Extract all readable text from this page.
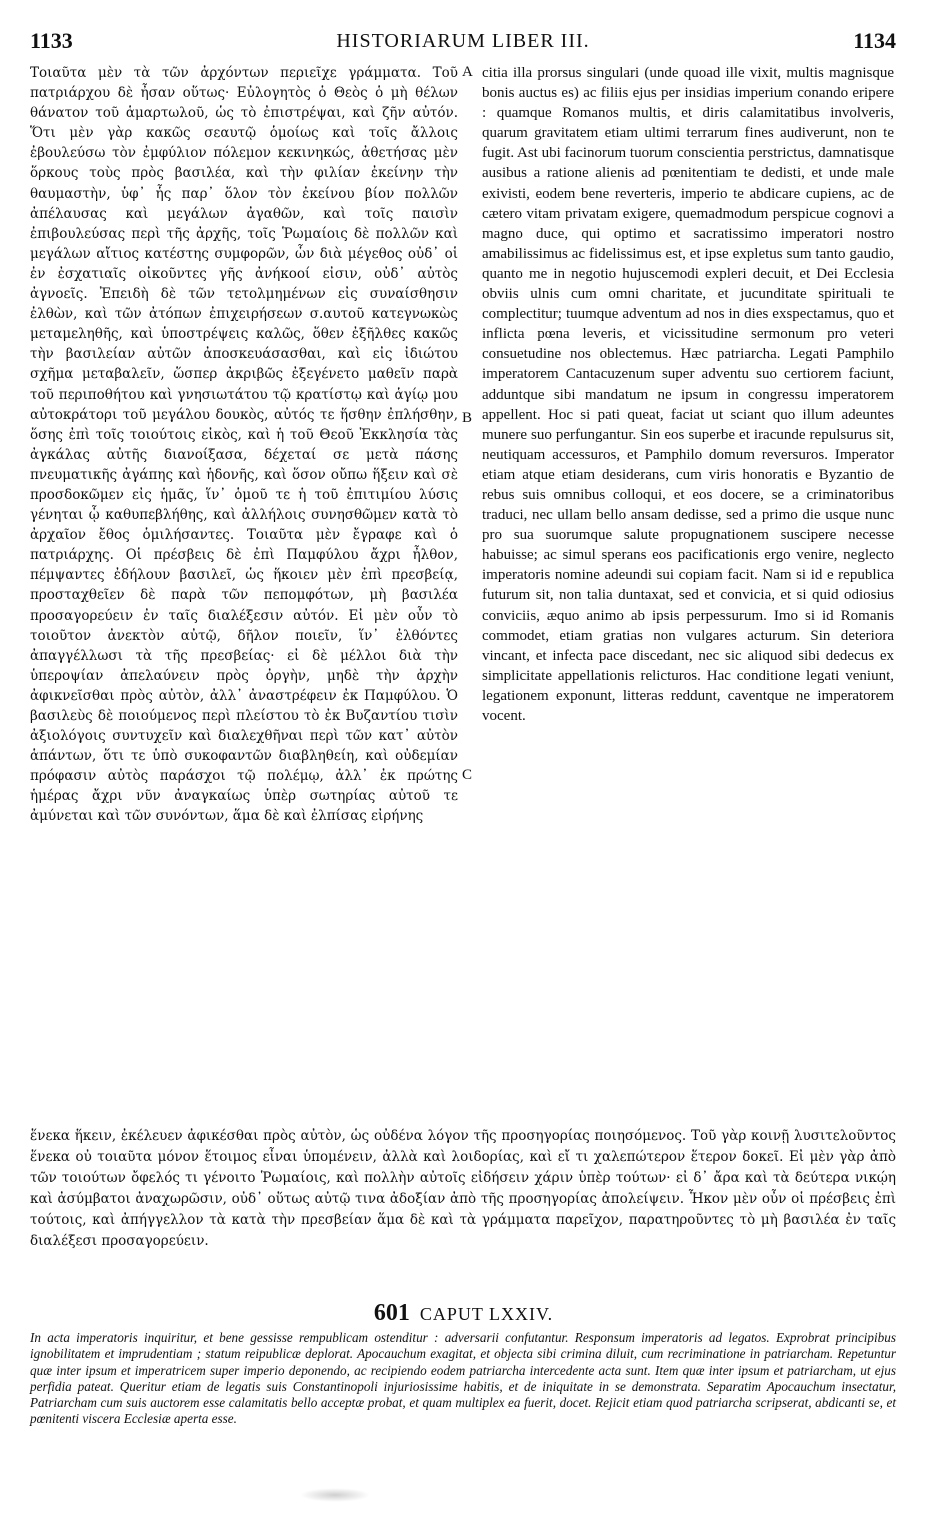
1133	HISTORIARUM LIBER III.	1134

Τοιαῦτα μὲν τὰ τῶν ἀρχόντων περιεῖχε γράμματα. Τοῦ πατριάρχου δὲ ἦσαν οὕτως· Εὐλογητὸς ὁ Θεὸς ὁ μὴ θέλων θάνατον τοῦ ἁμαρτωλοῦ, ὡς τὸ ἐπιστρέψαι, καὶ ζῆν αὐτόν. Ὅτι μὲν γὰρ κακῶς σεαυτῷ ὁμοίως καὶ τοῖς ἄλλοις ἐβουλεύσω τὸν ἐμφύλιον πόλεμον κεκινηκώς, ἀθετήσας μὲν ὅρκους τοὺς πρὸς βασιλέα, καὶ τὴν φιλίαν ἐκείνην τὴν θαυμαστὴν, ὑφ᾽ ἧς παρ᾽ ὅλον τὸν ἐκείνου βίον πολλῶν ἀπέλαυσας καὶ μεγάλων ἀγαθῶν, καὶ τοῖς παισὶν ἐπιβουλεύσας περὶ τῆς ἀρχῆς, τοῖς Ῥωμαίοις δὲ πολλῶν καὶ μεγάλων αἴτιος κατέστης συμφορῶν, ὧν διὰ μέγεθος οὐδ᾽ οἱ ἐν ἐσχατιαῖς οἰκοῦντες γῆς ἀνήκοοί εἰσιν, οὐδ᾽ αὐτὸς ἀγνοεῖς. Ἐπειδὴ δὲ τῶν τετολμημένων εἰς συναίσθησιν ἐλθὼν, καὶ τῶν ἀτόπων ἐπιχειρήσεων σ.αυτοῦ κατεγνωκὼς μεταμεληθῆς, καὶ ὑποστρέψεις καλῶς, ὅθεν ἐξῆλθες κακῶς τὴν βασιλείαν αὐτῶν ἀποσκευάσασθαι, καὶ εἰς ἰδιώτου σχῆμα μεταβαλεῖν, ὥσπερ ἀκριβῶς ἐξεγένετο μαθεῖν παρὰ τοῦ περιποθήτου καὶ γνησιωτάτου τῷ κρατίστῳ καὶ ἁγίῳ μου αὐτοκράτορι τοῦ μεγάλου δουκὸς, αὐτός τε ἥσθην ἐπλήσθην, ὅσης ἐπὶ τοῖς τοιούτοις εἰκὸς, καὶ ἡ τοῦ Θεοῦ Ἐκκλησία τὰς ἀγκάλας αὐτῆς διανοίξασα, δέχεταί σε μετὰ πάσης πνευματικῆς ἀγάπης καὶ ἡδονῆς, καὶ ὅσον οὔπω ἥξειν καὶ σὲ προσδοκῶμεν εἰς ἡμᾶς, ἵν᾽ ὁμοῦ τε ἡ τοῦ ἐπιτιμίου λύσις γένηται ᾧ καθυπεβλήθης, καὶ ἀλλήλοις συνησθῶμεν κατὰ τὸ ἀρχαῖον ἔθος ὁμιλήσαντες. Τοιαῦτα μὲν ἔγραφε καὶ ὁ πατριάρχης. Οἱ πρέσβεις δὲ ἐπὶ Παμφύλου ἄχρι ἦλθον, πέμψαντες ἐδήλουν βασιλεῖ, ὡς ἥκοιεν μὲν ἐπὶ πρεσβείᾳ, προσταχθεῖεν δὲ παρὰ τῶν πεπομφότων, μὴ βασιλέα προσαγορεύειν ἐν ταῖς διαλέξεσιν αὐτόν. Εἰ μὲν οὖν τὸ τοιοῦτον ἀνεκτὸν αὐτῷ, δῆλον ποιεῖν, ἵν᾽ ἐλθόντες ἀπαγγέλλωσι τὰ τῆς πρεσβείας· εἰ δὲ μέλλοι διὰ τὴν ὑπεροψίαν ἀπελαύνειν πρὸς ὀργὴν, μηδὲ τὴν ἀρχὴν ἀφικνεῖσθαι πρὸς αὐτὸν, ἀλλ᾽ ἀναστρέφειν ἐκ Παμφύλου. Ὁ βασιλεὺς δὲ ποιούμενος περὶ πλείστου τὸ ἐκ Βυζαντίου τισὶν ἀξιολόγοις συντυχεῖν καὶ διαλεχθῆναι περὶ τῶν κατ᾽ αὐτὸν ἁπάντων, ὅτι τε ὑπὸ συκοφαντῶν διαβληθείη, καὶ οὐδεμίαν πρόφασιν αὐτὸς παράσχοι τῷ πολέμῳ, ἀλλ᾽ ἐκ πρώτης ἡμέρας ἄχρι νῦν ἀναγκαίως ὑπὲρ σωτηρίας αὐτοῦ τε ἀμύνεται καὶ τῶν συνόντων, ἅμα δὲ καὶ ἐλπίσας εἰρήνης

A
B
C

citia illa prorsus singulari (unde quoad ille vixit, multis magnisque bonis auctus es) ac filiis ejus per insidias imperium conando eripere : quamque Romanos multis, et diris calamitatibus involveris, quarum gravitatem etiam ultimi terrarum fines audiverunt, non te fugit. Ast ubi facinorum tuorum conscientia perstrictus, damnatisque ausibus a ratione alienis ad pœnitentiam te dedisti, et unde male exivisti, eodem bene reverteris, imperio te abdicare cupiens, ac de cætero vitam privatam exigere, quemadmodum perspicue cognovi a magno duce, qui optimo et sacratissimo imperatori nostro amabilissimus ac fidelissimus est, et ipse expletus sum tanto gaudio, quanto me in negotio hujuscemodi expleri decuit, et Dei Ecclesia obviis ulnis cum omni charitate, et jucunditate spirituali te complectitur; tuumque adventum ad nos in dies exspectamus, quo et inflicta pœna leveris, et vicissitudine sermonum pro veteri consuetudine nos oblectemus. Hæc patriarcha. Legati Pamphilo imperatorem Cantacuzenum super adventu suo certiorem faciunt, adduntque sibi mandatum ne ipsum in congressu imperatorem appellent. Hoc si pati queat, faciat ut sciant quo illum adeuntes munere suo perfungantur. Sin eos superbe et iracunde repulsurus sit, neutiquam accessuros, et Pamphilo domum reversuros. Imperator etiam atque etiam desiderans, cum viris honoratis e Byzantio de rebus suis omnibus colloqui, et eos docere, se a criminatoribus traduci, nec ullam bello ansam dedisse, sed a primo die usque nunc pro sua suorumque salute propugnationem suscipere necesse habuisse; ac simul sperans eos pacificationis ergo venire, neglecto imperatoris nomine adeundi sui copiam facit. Nam si id e republica futurum sit, non talia duntaxat, sed et convicia, et si quid odiosius conviciis, æquo animo ab ipsis perpessurum. Imo si id Romanis commodet, etiam gratias non vulgares acturum. Sin deteriora vincant, et infecta pace discedant, nec sic aliquod sibi dedecus ex simplicitate appellationis relicturos. Hac conditione legati veniunt, legationem exponunt, litteras reddunt, caventque ne imperatorem vocent.

ἕνεκα ἥκειν, ἐκέλευεν ἀφικέσθαι πρὸς αὐτὸν, ὡς οὐδένα λόγον τῆς προσηγορίας ποιησόμενος. Τοῦ γὰρ κοινῇ λυσιτελοῦντος ἕνεκα οὐ τοιαῦτα μόνον ἕτοιμος εἶναι ὑπομένειν, ἀλλὰ καὶ λοιδορίας, καὶ εἴ τι χαλεπώτερον ἕτερον δοκεῖ. Εἰ μὲν γὰρ ἀπὸ τῶν τοιούτων ὄφελός τι γένοιτο Ῥωμαίοις, καὶ πολλὴν αὐτοῖς εἰδήσειν χάριν ὑπὲρ τούτων· εἰ δ᾽ ἄρα καὶ τὰ δεύτερα νικῴη καὶ ἀσύμβατοι ἀναχωρῶσιν, οὐδ᾽ οὕτως αὐτῷ τινα ἀδοξίαν ἀπὸ τῆς προσηγορίας ἀπολείψειν. Ἧκον μὲν οὖν οἱ πρέσβεις ἐπὶ τούτοις, καὶ ἀπήγγελλον τὰ κατὰ τὴν πρεσβείαν ἅμα δὲ καὶ τὰ γράμματα παρεῖχον, παρατηροῦντες τὸ μὴ βασιλέα ἐν ταῖς διαλέξεσι προσαγορεύειν.

601 CAPUT LXXIV.

In acta imperatoris inquiritur, et bene gessisse rempublicam ostenditur : adversarii confutantur. Responsum imperatoris ad legatos. Exprobrat principibus ignobilitatem et imprudentiam ; statum reipublicæ deplorat. Apocauchum exagitat, et objecta sibi crimina diluit, cum recriminatione in patriarcham. Repetuntur quæ inter ipsum et imperatricem super imperio deponendo, ac recipiendo eodem patriarcha intercedente acta sunt. Item quæ inter ipsum et patriarcham, ut ejus perfidia pateat. Queritur etiam de legatis suis Constantinopoli injuriosissime habitis, et de iniquitate in se demonstrata. Separatim Apocauchum insectatur, Patriarcham cum suis auctorem esse calamitatis bello acceptæ probat, et quam multiplex ea fuerit, docet. Rejicit etiam quod patriarcha scripserat, abdicanti se, et pœnitenti viscera Ecclesiæ aperta esse.
